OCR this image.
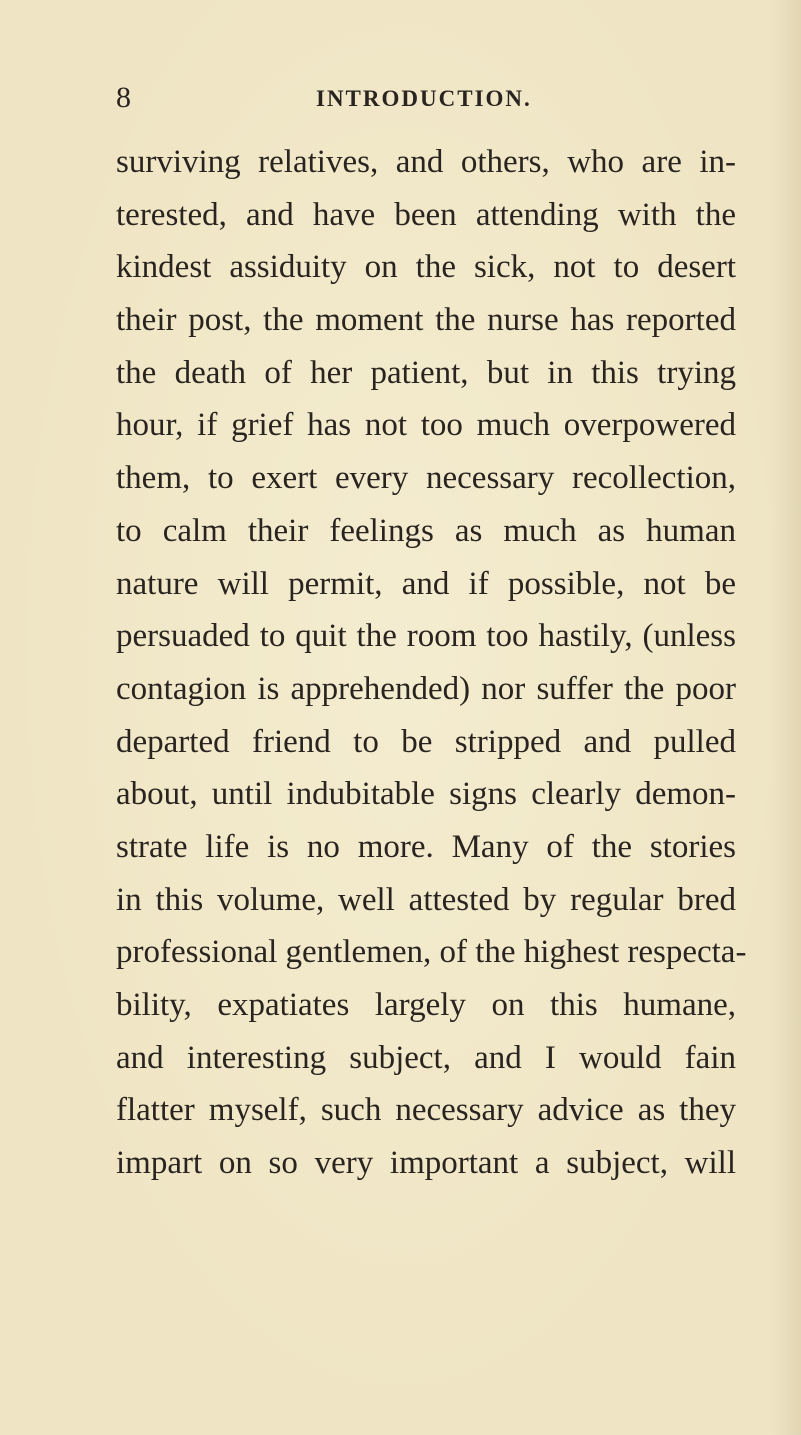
8	INTRODUCTION.
surviving relatives, and others, who are in-
terested, and have been attending with the
kindest assiduity on the sick, not to desert
their post, the moment the nurse has reported
the death of her patient, but in this trying
hour, if grief has not too much overpowered
them, to exert every necessary recollection,
to calm their feelings as much as human
nature will permit, and if possible, not be
persuaded to quit the room too hastily, (unless
contagion is apprehended) nor suffer the poor
departed friend to be stripped and pulled
about, until indubitable signs clearly demon-
strate life is no more. Many of the stories
in this volume, well attested by regular bred
professional gentlemen, of the highest respecta-
bility, expatiates largely on this humane,
and interesting subject, and I would fain
flatter myself, such necessary advice as they
impart on so very important a subject, will
